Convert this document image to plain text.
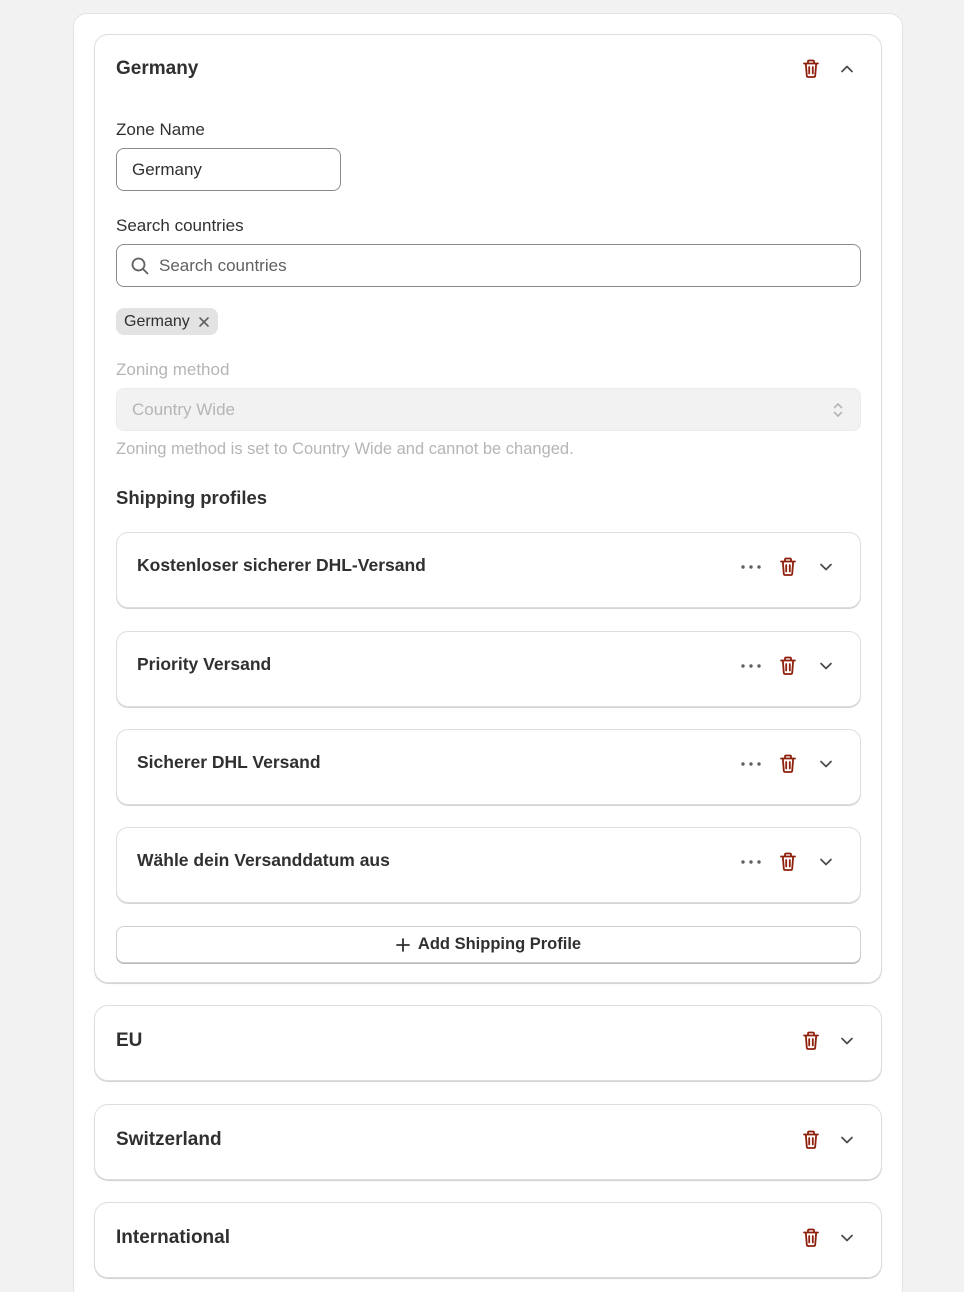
Germany
Zone Name
Germany
Search countries
Search countries
Germany
Zoning method
Country Wide
Zoning method is set to Country Wide and cannot be changed.
Shipping profiles
Kostenloser sicherer DHL-Versand
Priority Versand
Sicherer DHL Versand
Wähle dein Versanddatum aus
Add Shipping Profile
EU
Switzerland
International
